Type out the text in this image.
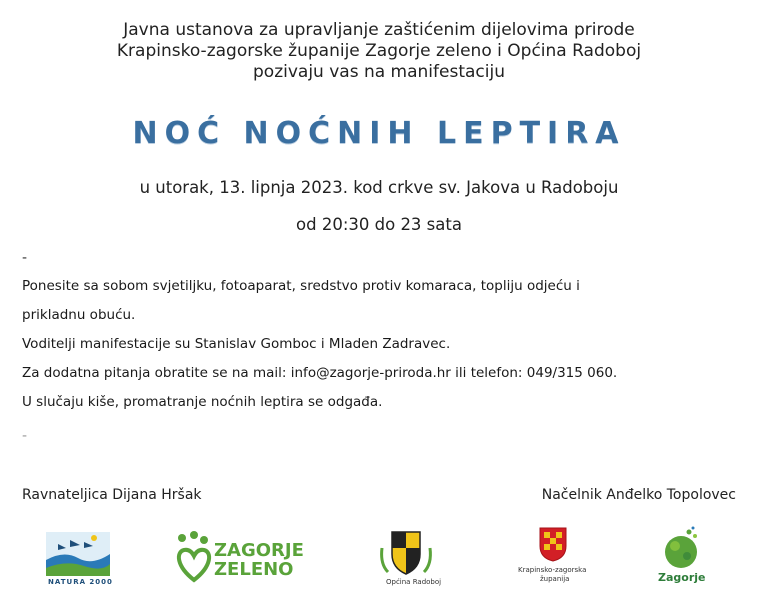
Javna ustanova za upravljanje zaštićenim dijelovima prirode
Krapinsko-zagorske županije Zagorje zeleno i Općina Radoboj
pozivaju vas na manifestaciju
NOĆ NOĆNIH LEPTIRA
u utorak, 13. lipnja 2023. kod crkve sv. Jakova u Radoboju
od 20:30 do 23 sata
-
Ponesite sa sobom svjetiljku, fotoaparat, sredstvo protiv komaraca, topliju odjeću i
prikladnu obuću.
Voditelji manifestacije su Stanislav Gomboc i Mladen Zadravec.
Za dodatna pitanja obratite se na mail: info@zagorje-priroda.hr ili telefon: 049/315 060.
U slučaju kiše, promatranje noćnih leptira se odgađa.
-
Ravnateljica Dijana Hršak	Načelnik Anđelko Topolovec
NATURA 2000
ZAGORJE
ZELENO
Općina Radoboj
Krapinsko-zagorska
županija	Zagorje
